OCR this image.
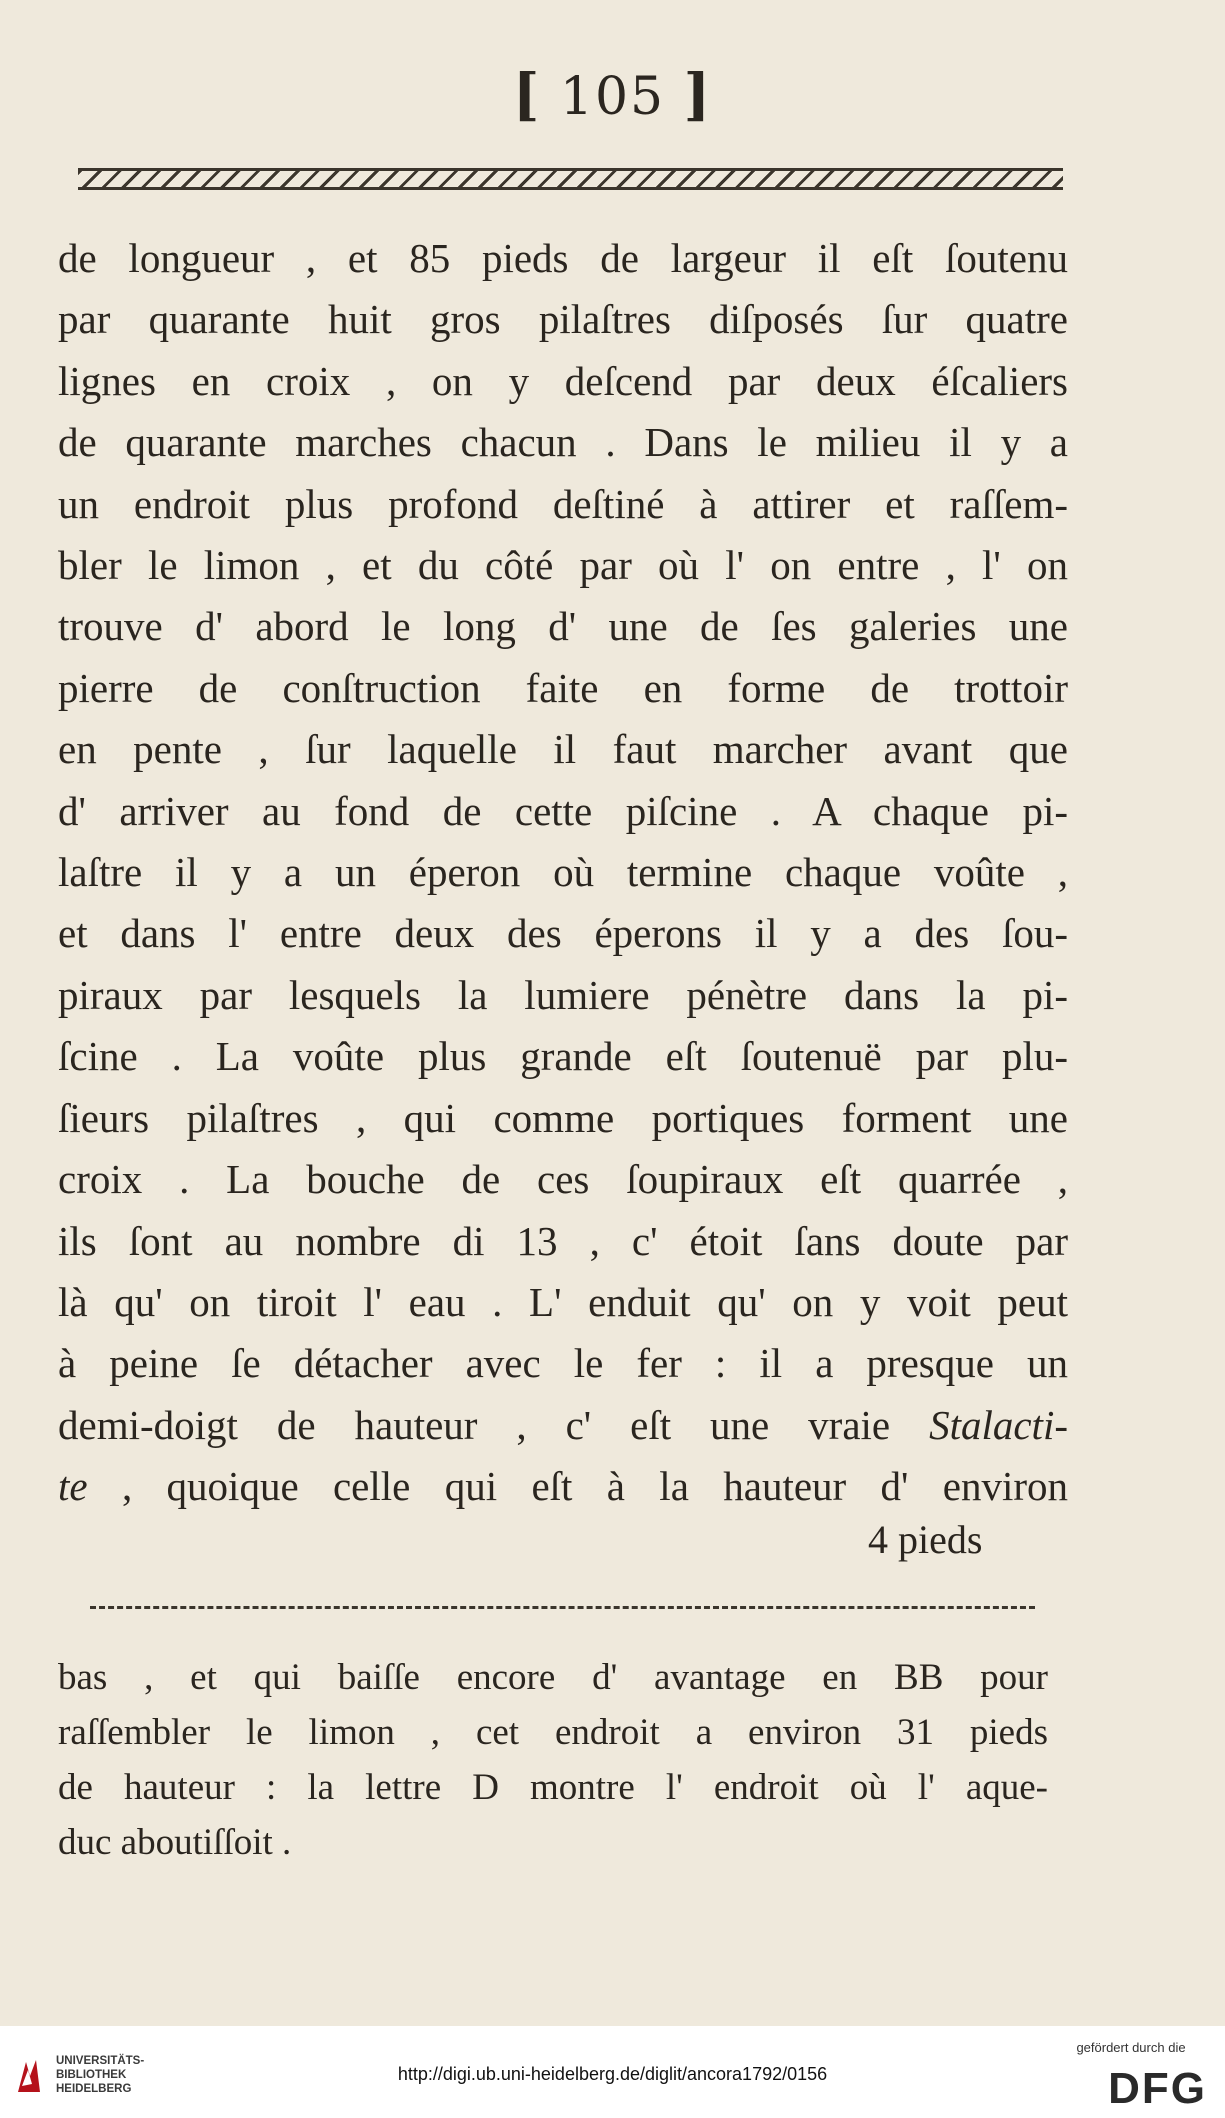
[ 105 ]
de longueur , et 85 pieds de largeur il eſt ſoutenu
par quarante huit gros pilaſtres diſposés ſur quatre
lignes en croix , on y deſcend par deux éſcaliers
de quarante marches chacun . Dans le milieu il y a
un endroit plus profond deſtiné à attirer et raſſem-
bler le limon , et du côté par où l' on entre , l' on
trouve d' abord le long d' une de ſes galeries une
pierre de conſtruction faite en forme de trottoir
en pente , ſur laquelle il faut marcher avant que
d' arriver au fond de cette piſcine . A chaque pi-
laſtre il y a un éperon où termine chaque voûte ,
et dans l' entre deux des éperons il y a des ſou-
piraux par lesquels la lumiere pénètre dans la pi-
ſcine . La voûte plus grande eſt ſoutenuë par plu-
ſieurs pilaſtres , qui comme portiques forment une
croix . La bouche de ces ſoupiraux eſt quarrée ,
ils ſont au nombre di 13 , c' étoit ſans doute par
là qu' on tiroit l' eau . L' enduit qu' on y voit peut
à peine ſe détacher avec le fer : il a presque un
demi-doigt de hauteur , c' eſt une vraie Stalacti-
te , quoique celle qui eſt à la hauteur d' environ
4 pieds
bas , et qui baiſſe encore d' avantage en BB pour
raſſembler le limon , cet endroit a environ 31 pieds
de hauteur : la lettre D montre l' endroit où l' aque-
duc aboutiſſoit .
UNIVERSITÄTS-
BIBLIOTHEK
HEIDELBERG
http://digi.ub.uni-heidelberg.de/diglit/ancora1792/0156
gefördert durch die
DFG
